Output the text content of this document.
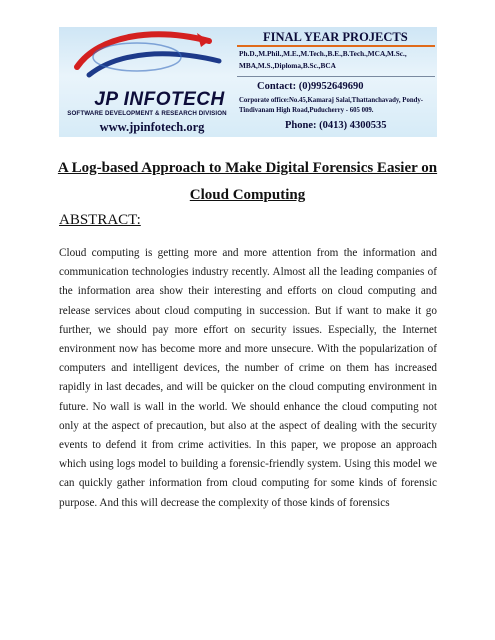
JP INFOTECH
SOFTWARE DEVELOPMENT & RESEARCH DIVISION
www.jpinfotech.org
FINAL YEAR PROJECTS
Ph.D.,M.Phil.,M.E.,M.Tech.,B.E.,B.Tech.,MCA,M.Sc., MBA,M.S.,Diploma,B.Sc.,BCA
Contact: (0)9952649690
Corporate office:No.45,Kamaraj Salai,Thattanchavady, Pondy-Tindivanam High Road,Puducherry - 605 009.
Phone: (0413) 4300535
A Log-based Approach to Make Digital Forensics Easier on Cloud Computing
ABSTRACT:
Cloud computing is getting more and more attention from the information and communication technologies industry recently. Almost all the leading companies of the information area show their interesting and efforts on cloud computing and release services about cloud computing in succession. But if want to make it go further, we should pay more effort on security issues. Especially, the Internet environment now has become more and more unsecure. With the popularization of computers and intelligent devices, the number of crime on them has increased rapidly in last decades, and will be quicker on the cloud computing environment in future. No wall is wall in the world. We should enhance the cloud computing not only at the aspect of precaution, but also at the aspect of dealing with the security events to defend it from crime activities. In this paper, we propose an approach which using logs model to building a forensic-friendly system. Using this model we can quickly gather information from cloud computing for some kinds of forensic purpose. And this will decrease the complexity of those kinds of forensics
